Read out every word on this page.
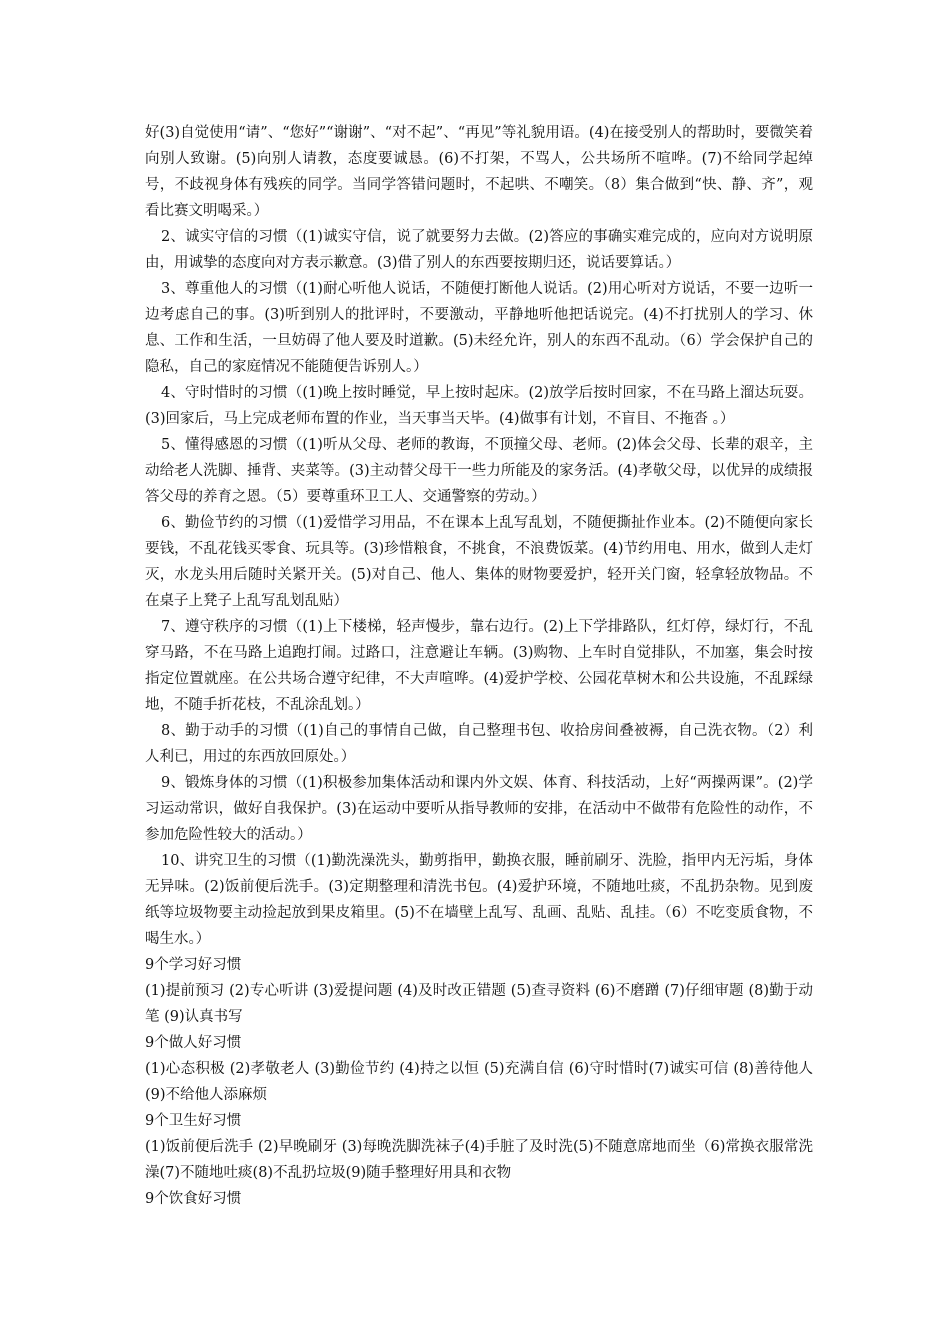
好(3)自觉使用“请”、“您好”“谢谢”、“对不起”、“再见”等礼貌用语。(4)在接受别人的帮助时，要微笑着向别人致谢。(5)向别人请教，态度要诚恳。(6)不打架，不骂人，公共场所不喧哗。(7)不给同学起绰号，不歧视身体有残疾的同学。当同学答错问题时，不起哄、不嘲笑。（8）集合做到“快、静、齐”，观看比赛文明喝采。）

2、诚实守信的习惯（(1)诚实守信，说了就要努力去做。(2)答应的事确实难完成的，应向对方说明原由，用诚挚的态度向对方表示歉意。(3)借了别人的东西要按期归还，说话要算话。）

3、尊重他人的习惯（(1)耐心听他人说话，不随便打断他人说话。(2)用心听对方说话，不要一边听一边考虑自己的事。(3)听到别人的批评时，不要激动，平静地听他把话说完。(4)不打扰别人的学习、休息、工作和生活，一旦妨碍了他人要及时道歉。(5)未经允许，别人的东西不乱动。（6）学会保护自己的隐私，自己的家庭情况不能随便告诉别人。）

4、守时惜时的习惯（(1)晚上按时睡觉，早上按时起床。(2)放学后按时回家，不在马路上溜达玩耍。(3)回家后，马上完成老师布置的作业，当天事当天毕。(4)做事有计划，不盲目、不拖沓 。）

5、懂得感恩的习惯（(1)听从父母、老师的教诲，不顶撞父母、老师。(2)体会父母、长辈的艰辛，主动给老人洗脚、捶背、夹菜等。(3)主动替父母干一些力所能及的家务活。(4)孝敬父母，以优异的成绩报答父母的养育之恩。（5）要尊重环卫工人、交通警察的劳动。）

6、勤俭节约的习惯（(1)爱惜学习用品，不在课本上乱写乱划，不随便撕扯作业本。(2)不随便向家长要钱，不乱花钱买零食、玩具等。(3)珍惜粮食，不挑食，不浪费饭菜。(4)节约用电、用水，做到人走灯灭，水龙头用后随时关紧开关。(5)对自己、他人、集体的财物要爱护，轻开关门窗，轻拿轻放物品。不在桌子上凳子上乱写乱划乱贴）

7、遵守秩序的习惯（(1)上下楼梯，轻声慢步，靠右边行。(2)上下学排路队，红灯停，绿灯行，不乱穿马路，不在马路上追跑打闹。过路口，注意避让车辆。(3)购物、上车时自觉排队，不加塞，集会时按指定位置就座。在公共场合遵守纪律，不大声喧哗。(4)爱护学校、公园花草树木和公共设施，不乱踩绿地，不随手折花枝，不乱涂乱划。）

8、勤于动手的习惯（(1)自己的事情自己做，自己整理书包、收拾房间叠被褥，自己洗衣物。（2）利人利已，用过的东西放回原处。）

9、锻炼身体的习惯（(1)积极参加集体活动和课内外文娱、体育、科技活动，上好“两操两课”。(2)学习运动常识，做好自我保护。(3)在运动中要听从指导教师的安排，在活动中不做带有危险性的动作，不参加危险性较大的活动。）

10、讲究卫生的习惯（(1)勤洗澡洗头，勤剪指甲，勤换衣服，睡前刷牙、洗脸，指甲内无污垢，身体无异味。(2)饭前便后洗手。(3)定期整理和清洗书包。(4)爱护环境，不随地吐痰，不乱扔杂物。见到废纸等垃圾物要主动捡起放到果皮箱里。(5)不在墙壁上乱写、乱画、乱贴、乱挂。（6）不吃变质食物，不喝生水。）

9个学习好习惯

(1)提前预习 (2)专心听讲 (3)爱提问题 (4)及时改正错题 (5)查寻资料 (6)不磨蹭 (7)仔细审题 (8)勤于动笔 (9)认真书写

9个做人好习惯

(1)心态积极 (2)孝敬老人 (3)勤俭节约 (4)持之以恒 (5)充满自信 (6)守时惜时(7)诚实可信 (8)善待他人 (9)不给他人添麻烦

9个卫生好习惯

(1)饭前便后洗手 (2)早晚刷牙 (3)每晚洗脚洗袜子(4)手脏了及时洗(5)不随意席地而坐（6)常换衣服常洗澡(7)不随地吐痰(8)不乱扔垃圾(9)随手整理好用具和衣物

9个饮食好习惯
